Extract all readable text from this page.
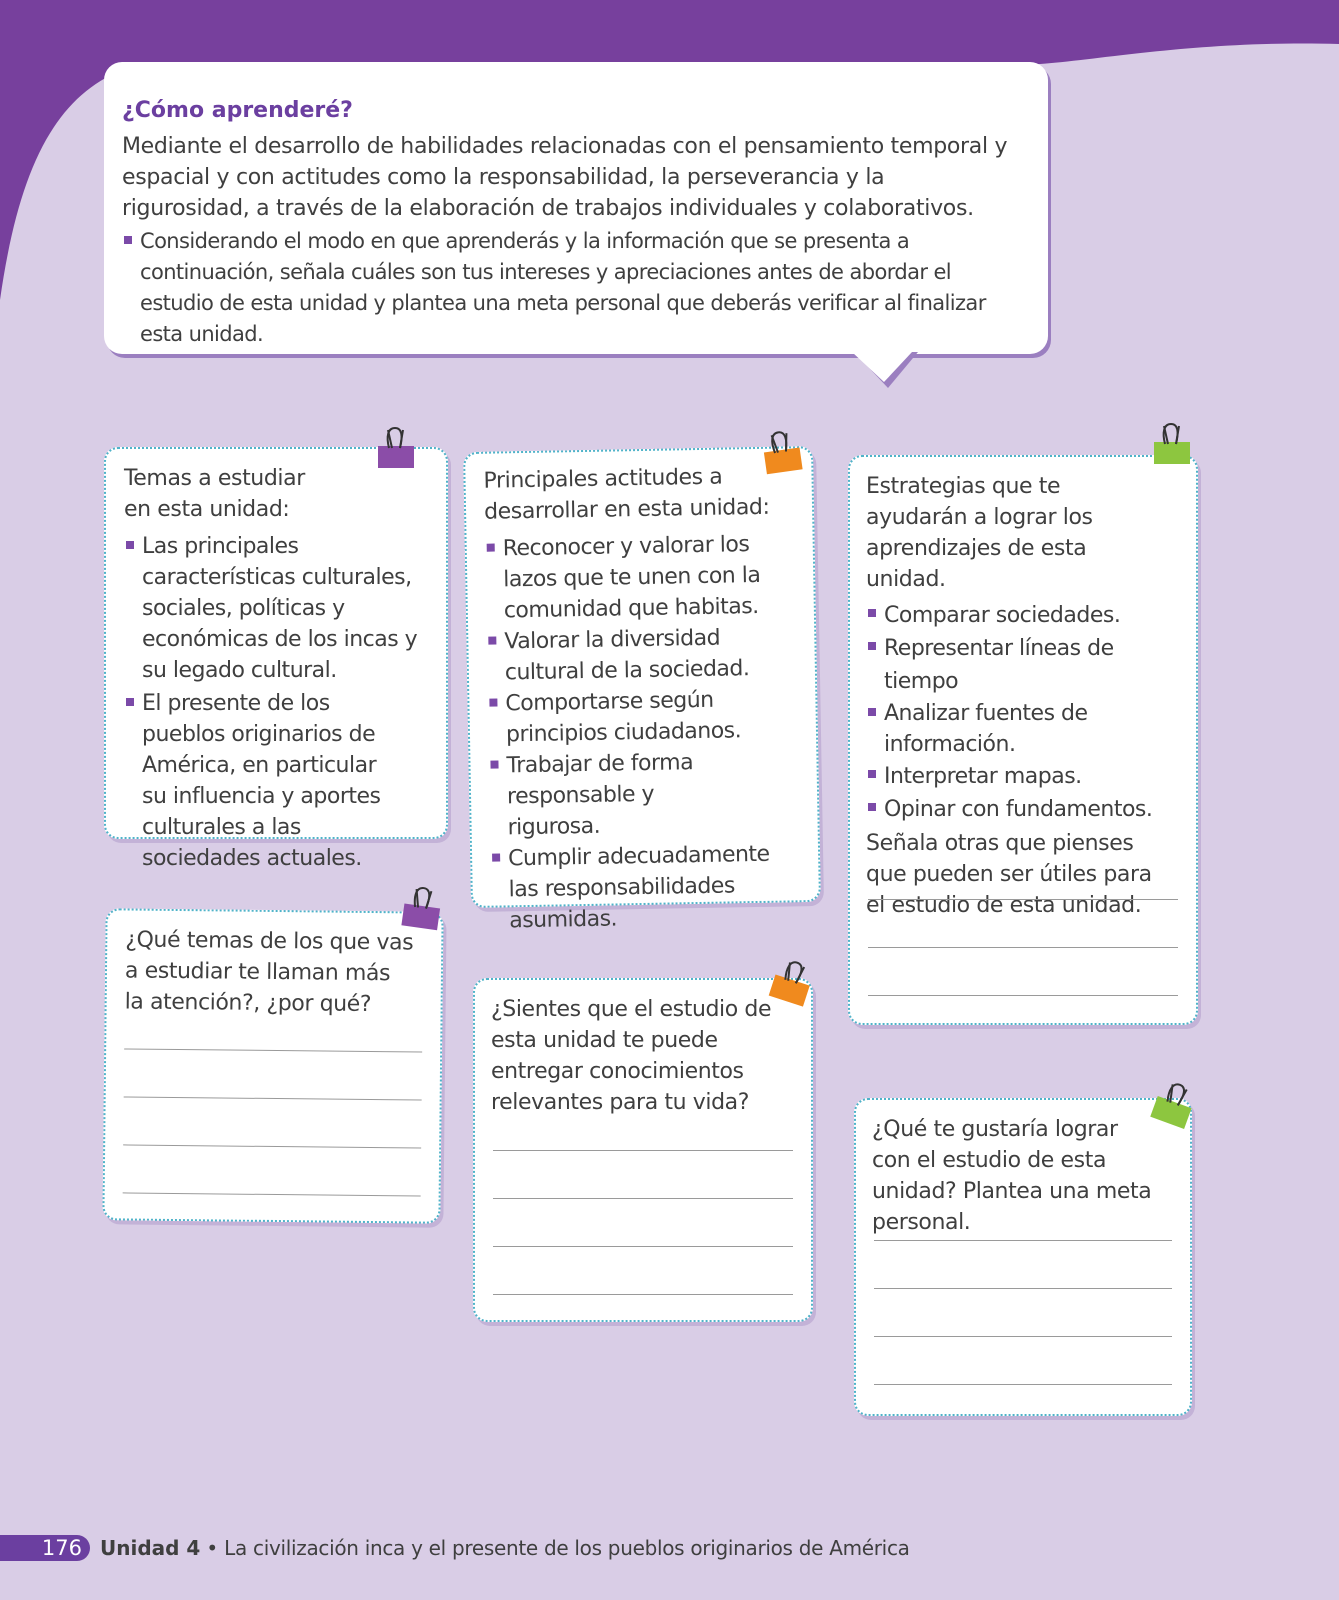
¿Cómo aprenderé?

Mediante el desarrollo de habilidades relacionadas con el pensamiento temporal y espacial y con actitudes como la responsabilidad, la perseverancia y la rigurosidad, a través de la elaboración de trabajos individuales y colaborativos.

Considerando el modo en que aprenderás y la información que se presenta a continuación, señala cuáles son tus intereses y apreciaciones antes de abordar el estudio de esta unidad y plantea una meta personal que deberás verificar al finalizar esta unidad.
Temas a estudiar en esta unidad:
Las principales características culturales, sociales, políticas y económicas de los incas y su legado cultural.
El presente de los pueblos originarios de América, en particular su influencia y aportes culturales a las sociedades actuales.
Principales actitudes a desarrollar en esta unidad:
Reconocer y valorar los lazos que te unen con la comunidad que habitas.
Valorar la diversidad cultural de la sociedad.
Comportarse según principios ciudadanos.
Trabajar de forma responsable y rigurosa.
Cumplir adecuadamente las responsabilidades asumidas.
Estrategias que te ayudarán a lograr los aprendizajes de esta unidad.
Comparar sociedades.
Representar líneas de tiempo
Analizar fuentes de información.
Interpretar mapas.
Opinar con fundamentos.
Señala otras que pienses que pueden ser útiles para el estudio de esta unidad.
¿Qué temas de los que vas a estudiar te llaman más la atención?, ¿por qué?	¿Sientes que el estudio de esta unidad te puede entregar conocimientos relevantes para tu vida?
¿Qué te gustaría lograr con el estudio de esta unidad? Plantea una meta personal.
176 Unidad 4 • La civilización inca y el presente de los pueblos originarios de América
